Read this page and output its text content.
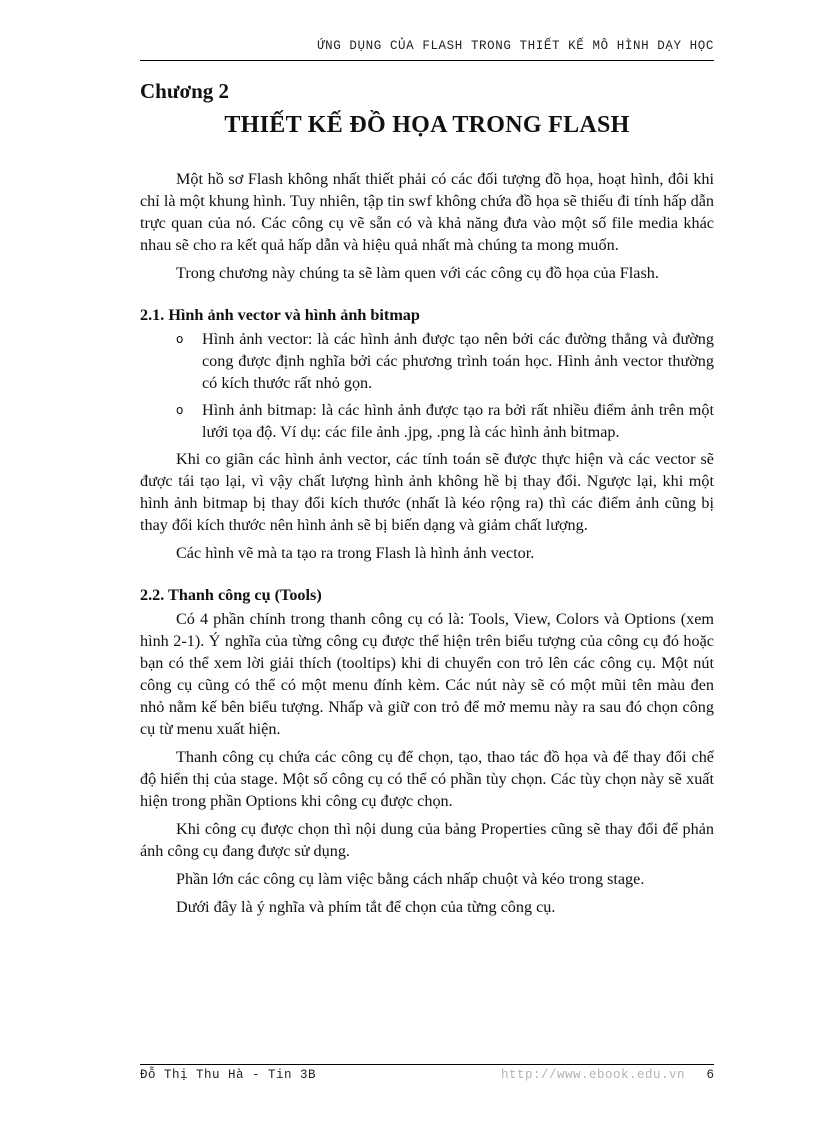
ỨNG DỤNG CỦA FLASH TRONG THIẾT KẾ MÔ HÌNH DẠY HỌC
Chương 2
THIẾT KẾ ĐỒ HỌA TRONG FLASH

Một hồ sơ Flash không nhất thiết phải có các đối tượng đồ họa, hoạt hình, đôi khi chỉ là một khung hình. Tuy nhiên, tập tin swf không chứa đồ họa sẽ thiếu đi tính hấp dẫn trực quan của nó. Các công cụ vẽ sẵn có và khả năng đưa vào một số file media khác nhau sẽ cho ra kết quả hấp dẫn và hiệu quả nhất mà chúng ta mong muốn.

Trong chương này chúng ta sẽ làm quen với các công cụ đồ họa của Flash.

2.1. Hình ảnh vector và hình ảnh bitmap
o Hình ảnh vector: là các hình ảnh được tạo nên bởi các đường thẳng và đường cong được định nghĩa bởi các phương trình toán học. Hình ảnh vector thường có kích thước rất nhỏ gọn.
o Hình ảnh bitmap: là các hình ảnh được tạo ra bởi rất nhiều điểm ảnh trên một lưới tọa độ. Ví dụ: các file ảnh .jpg, .png là các hình ảnh bitmap.

Khi co giãn các hình ảnh vector, các tính toán sẽ được thực hiện và các vector sẽ được tái tạo lại, vì vậy chất lượng hình ảnh không hề bị thay đổi. Ngược lại, khi một hình ảnh bitmap bị thay đổi kích thước (nhất là kéo rộng ra) thì các điểm ảnh cũng bị thay đổi kích thước nên hình ảnh sẽ bị biến dạng và giảm chất lượng.

Các hình vẽ mà ta tạo ra trong Flash là hình ảnh vector.

2.2. Thanh công cụ (Tools)

Có 4 phần chính trong thanh công cụ có là: Tools, View, Colors và Options (xem hình 2-1). Ý nghĩa của từng công cụ được thể hiện trên biểu tượng của công cụ đó hoặc bạn có thể xem lời giải thích (tooltips) khi di chuyển con trỏ lên các công cụ. Một nút công cụ cũng có thể có một menu đính kèm. Các nút này sẽ có một mũi tên màu đen nhỏ nằm kế bên biểu tượng. Nhấp và giữ con trỏ để mở memu này ra sau đó chọn công cụ từ menu xuất hiện.

Thanh công cụ chứa các công cụ để chọn, tạo, thao tác đồ họa và để thay đổi chế độ hiển thị của stage. Một số công cụ có thể có phần tùy chọn. Các tùy chọn này sẽ xuất hiện trong phần Options khi công cụ được chọn.

Khi công cụ được chọn thì nội dung của bảng Properties cũng sẽ thay đổi để phản ánh công cụ đang được sử dụng.

Phần lớn các công cụ làm việc bằng cách nhấp chuột và kéo trong stage.

Dưới đây là ý nghĩa và phím tắt để chọn của từng công cụ.

Đỗ Thị Thu Hà - Tin 3B	http://www.ebook.edu.vn 6
